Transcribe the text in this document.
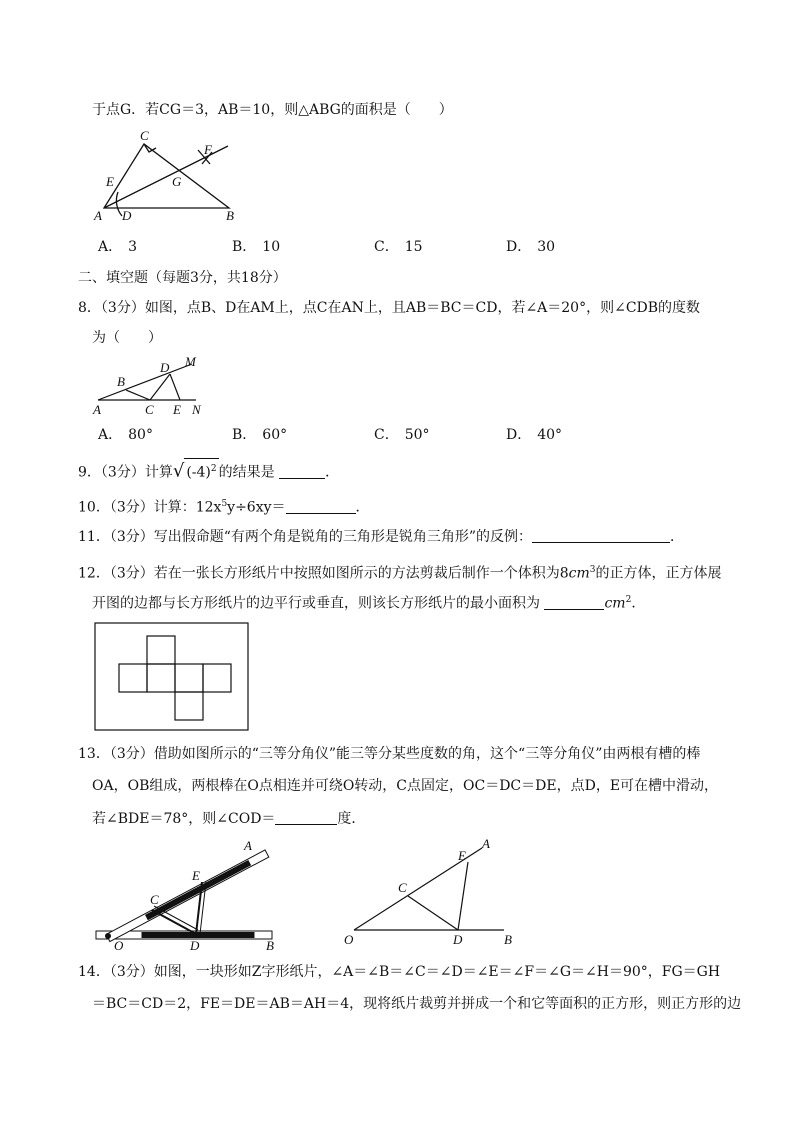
于点G．若CG＝3，AB＝10，则△ABG的面积是（　　）
C
E
F
G
A D	B
A． 3	B． 10	C． 15	D． 30
二、填空题（每题3分，共18分）
8．（3分）如图，点B、D在AM上，点C在AN上，且AB＝BC＝CD，若∠A＝20°，则∠CDB的度数
为（　　）
A
B
C
D
E
M
N
A． 80°	B． 60°	C． 50°	D． 40°
9．（3分）计算√ $(-4)^2$ 的结果是	．
10．（3分）计算：$12x^5y\div 6xy=$	．
11．（3分）写出假命题“有两个角是锐角的三角形是锐角三角形”的反例：	．
12．（3分）若在一张长方形纸片中按照如图所示的方法剪裁后制作一个体积为$8cm^3$的正方体，正方体展
开图的边都与长方形纸片的边平行或垂直，则该长方形纸片的最小面积为	$cm^2$．
13．（3分）借助如图所示的“三等分角仪”能三等分某些度数的角，这个“三等分角仪”由两根有槽的棒
OA，OB组成，两根棒在O点相连并可绕O转动，C点固定，OC＝DC＝DE，点D，E可在槽中滑动，
若∠BDE＝78°，则∠COD＝	度．
A
E
C
O	D	B	O
C
E
A
D	B
14．（3分）如图，一块形如Z字形纸片，∠A＝∠B＝∠C＝∠D＝∠E＝∠F＝∠G＝∠H＝90°，FG＝GH
＝BC＝CD＝2，FE＝DE＝AB＝AH＝4，现将纸片裁剪并拼成一个和它等面积的正方形，则正方形的边
